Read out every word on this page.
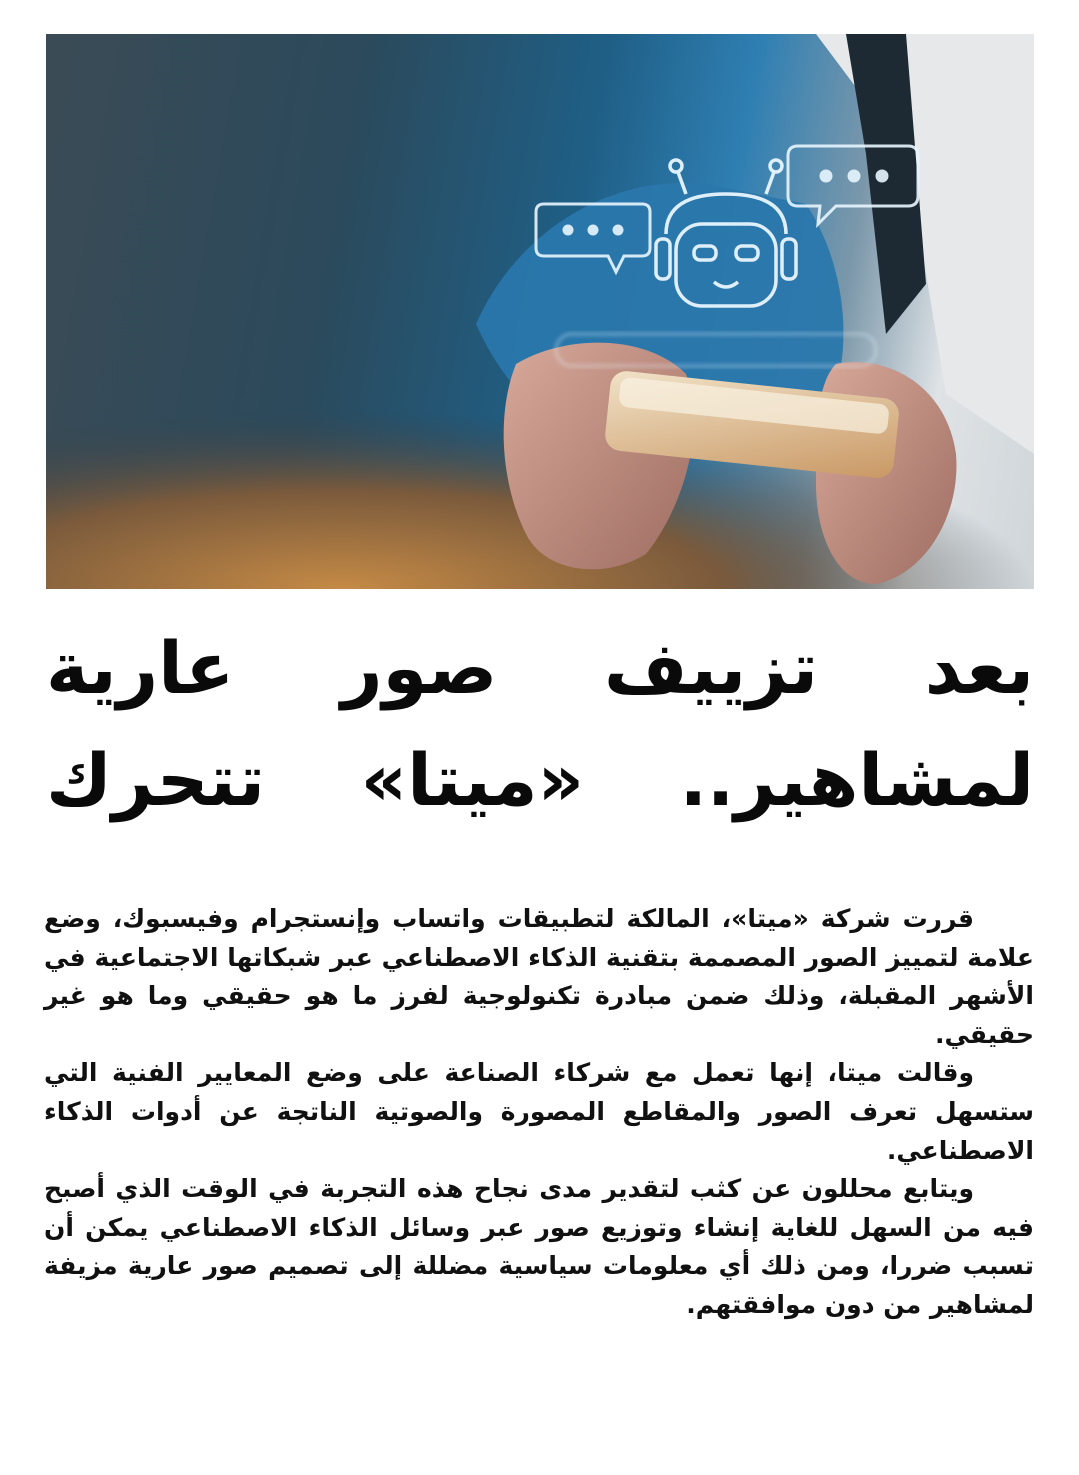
بعد تزييف صور عارية
لمشاهير.. «ميتا» تتحرك

قررت شركة «ميتا»، المالكة لتطبيقات واتساب وإنستجرام وفيسبوك، وضع علامة لتمييز الصور المصممة بتقنية الذكاء الاصطناعي عبر شبكاتها الاجتماعية في الأشهر المقبلة، وذلك ضمن مبادرة تكنولوجية لفرز ما هو حقيقي وما هو غير حقيقي.

وقالت ميتا، إنها تعمل مع شركاء الصناعة على وضع المعايير الفنية التي ستسهل تعرف الصور والمقاطع المصورة والصوتية الناتجة عن أدوات الذكاء الاصطناعي.

ويتابع محللون عن كثب لتقدير مدى نجاح هذه التجربة في الوقت الذي أصبح فيه من السهل للغاية إنشاء وتوزيع صور عبر وسائل الذكاء الاصطناعي يمكن أن تسبب ضررا، ومن ذلك أي معلومات سياسية مضللة إلى تصميم صور عارية مزيفة لمشاهير من دون موافقتهم.
